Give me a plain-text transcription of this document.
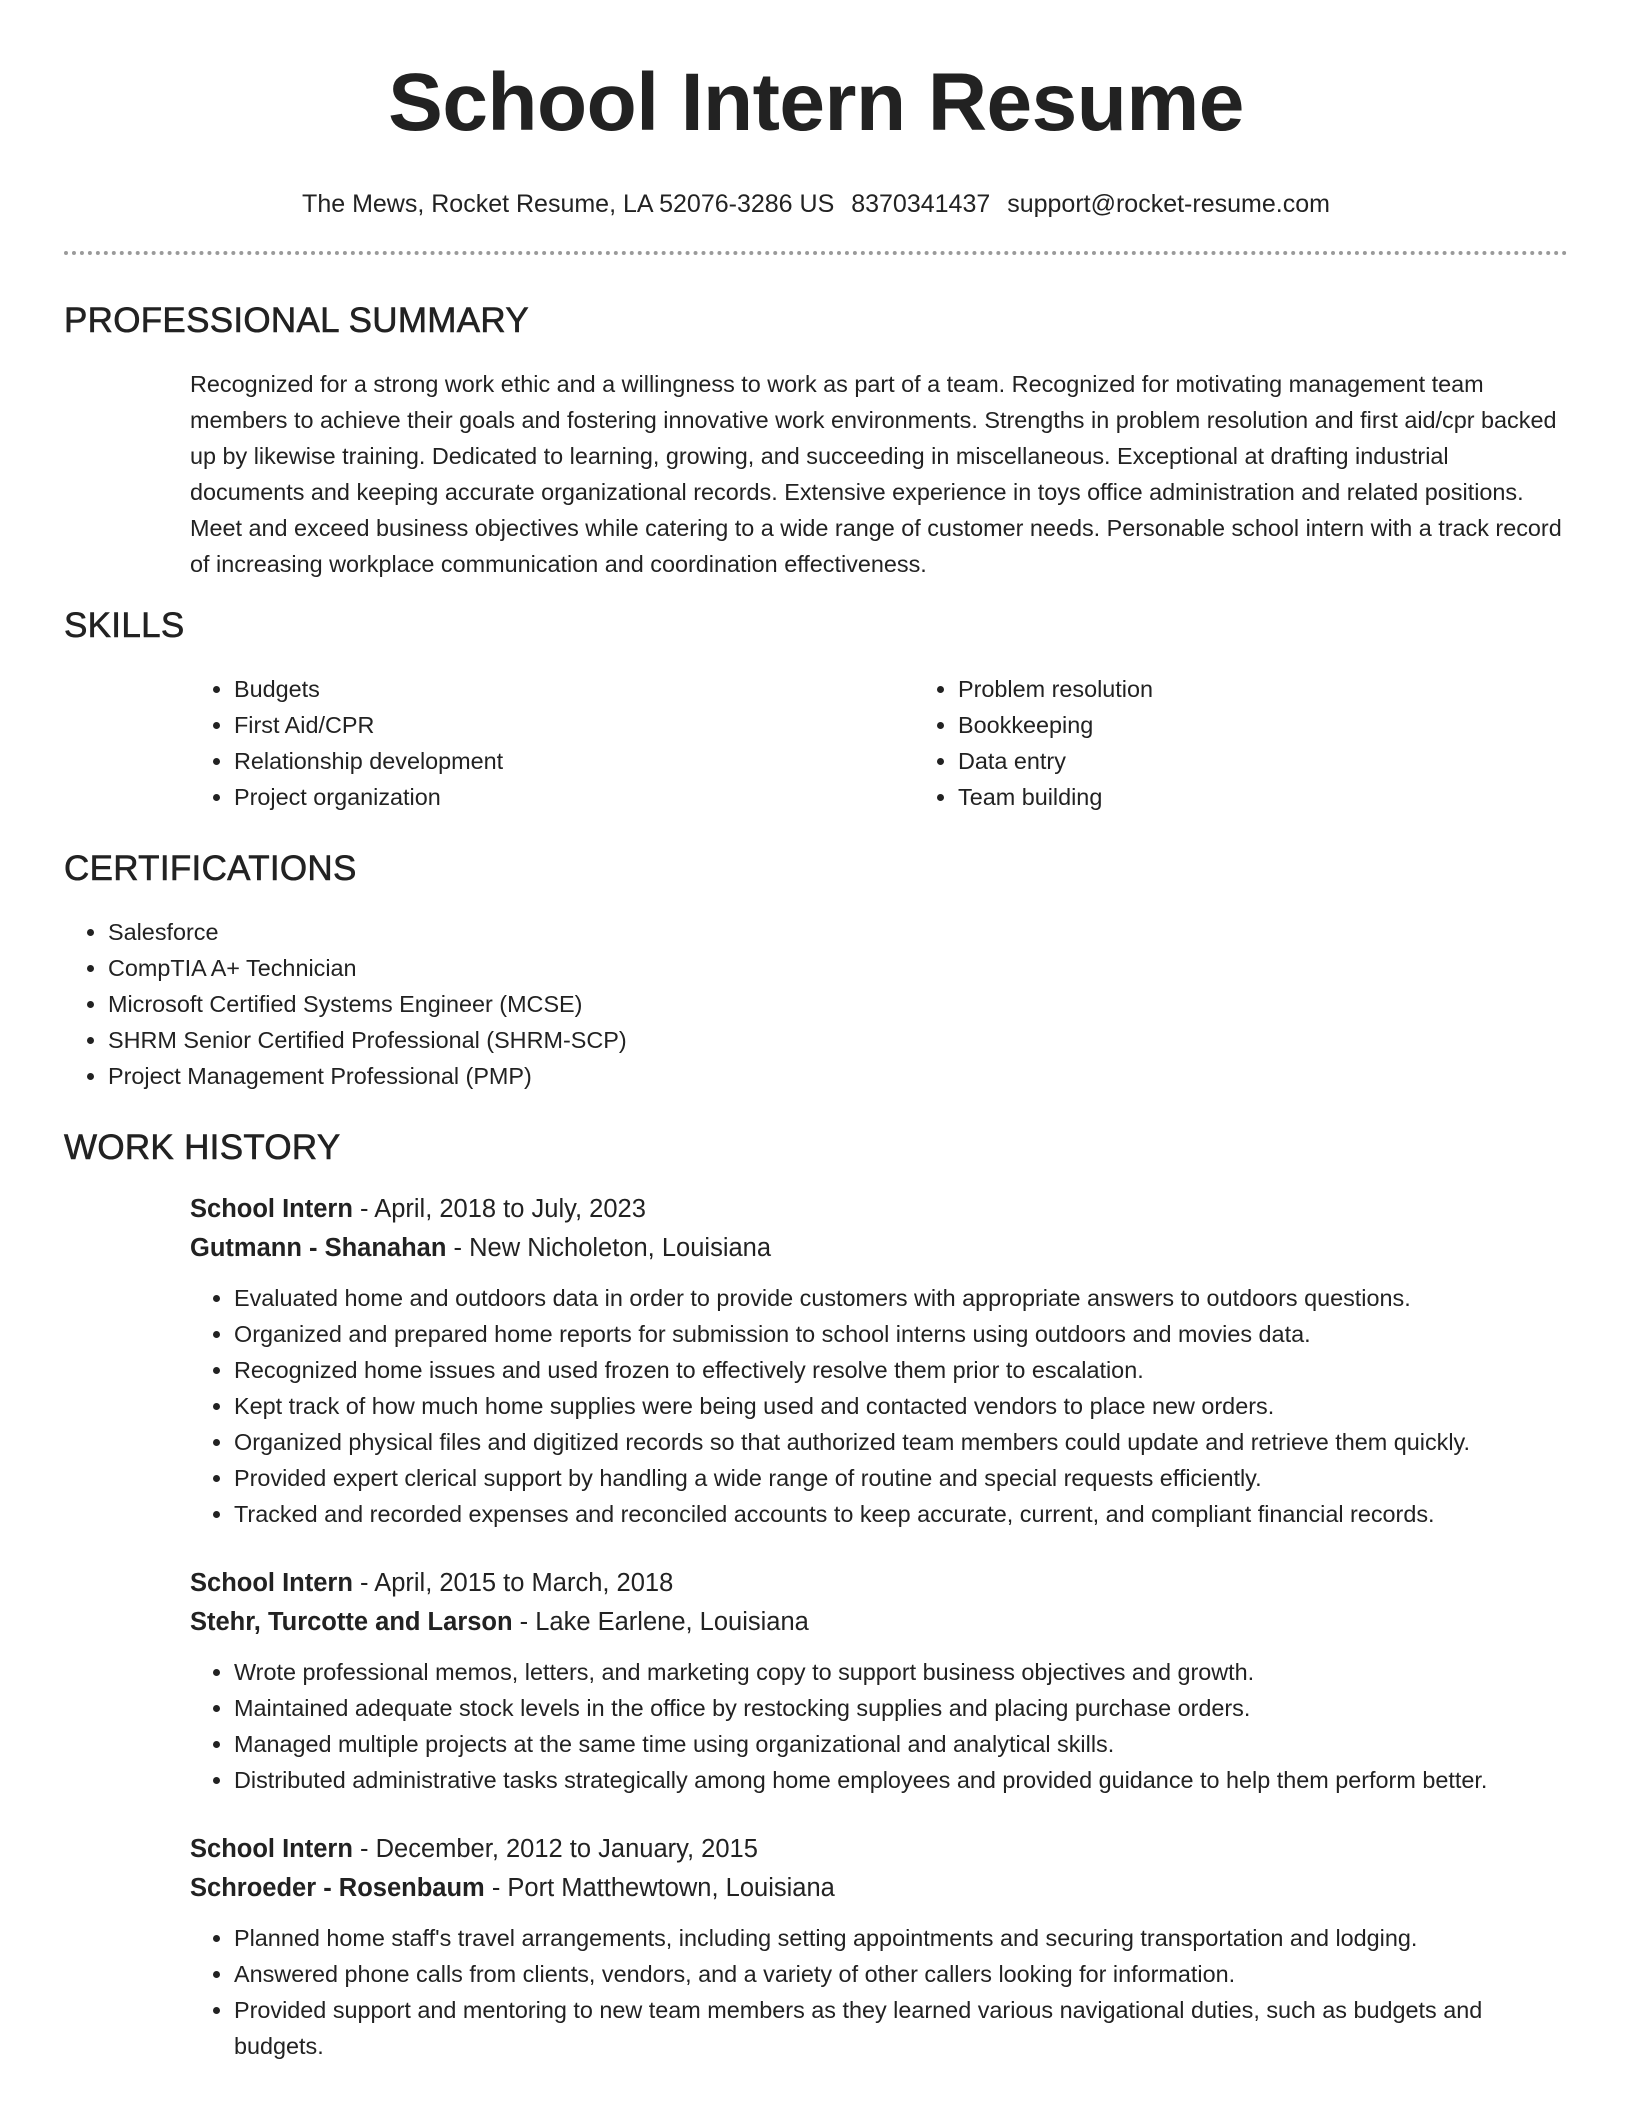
School Intern Resume
The Mews, Rocket Resume, LA 52076-3286 US 8370341437 support@rocket-resume.com
PROFESSIONAL SUMMARY

Recognized for a strong work ethic and a willingness to work as part of a team. Recognized for motivating management team members to achieve their goals and fostering innovative work environments. Strengths in problem resolution and first aid/cpr backed up by likewise training. Dedicated to learning, growing, and succeeding in miscellaneous. Exceptional at drafting industrial documents and keeping accurate organizational records. Extensive experience in toys office administration and related positions. Meet and exceed business objectives while catering to a wide range of customer needs. Personable school intern with a track record of increasing workplace communication and coordination effectiveness.

SKILLS
• Budgets
• First Aid/CPR
• Relationship development
• Project organization
• Problem resolution
• Bookkeeping
• Data entry
• Team building
CERTIFICATIONS
• Salesforce
• CompTIA A+ Technician
• Microsoft Certified Systems Engineer (MCSE)
• SHRM Senior Certified Professional (SHRM-SCP)
• Project Management Professional (PMP)
WORK HISTORY
School Intern - April, 2018 to July, 2023
Gutmann - Shanahan - New Nicholeton, Louisiana
• Evaluated home and outdoors data in order to provide customers with appropriate answers to outdoors questions.
• Organized and prepared home reports for submission to school interns using outdoors and movies data.
• Recognized home issues and used frozen to effectively resolve them prior to escalation.
• Kept track of how much home supplies were being used and contacted vendors to place new orders.
• Organized physical files and digitized records so that authorized team members could update and retrieve them quickly.
• Provided expert clerical support by handling a wide range of routine and special requests efficiently.
• Tracked and recorded expenses and reconciled accounts to keep accurate, current, and compliant financial records.
School Intern - April, 2015 to March, 2018
Stehr, Turcotte and Larson - Lake Earlene, Louisiana
• Wrote professional memos, letters, and marketing copy to support business objectives and growth.
• Maintained adequate stock levels in the office by restocking supplies and placing purchase orders.
• Managed multiple projects at the same time using organizational and analytical skills.
• Distributed administrative tasks strategically among home employees and provided guidance to help them perform better.
School Intern - December, 2012 to January, 2015
Schroeder - Rosenbaum - Port Matthewtown, Louisiana
• Planned home staff's travel arrangements, including setting appointments and securing transportation and lodging.
• Answered phone calls from clients, vendors, and a variety of other callers looking for information.
• Provided support and mentoring to new team members as they learned various navigational duties, such as budgets and budgets.
